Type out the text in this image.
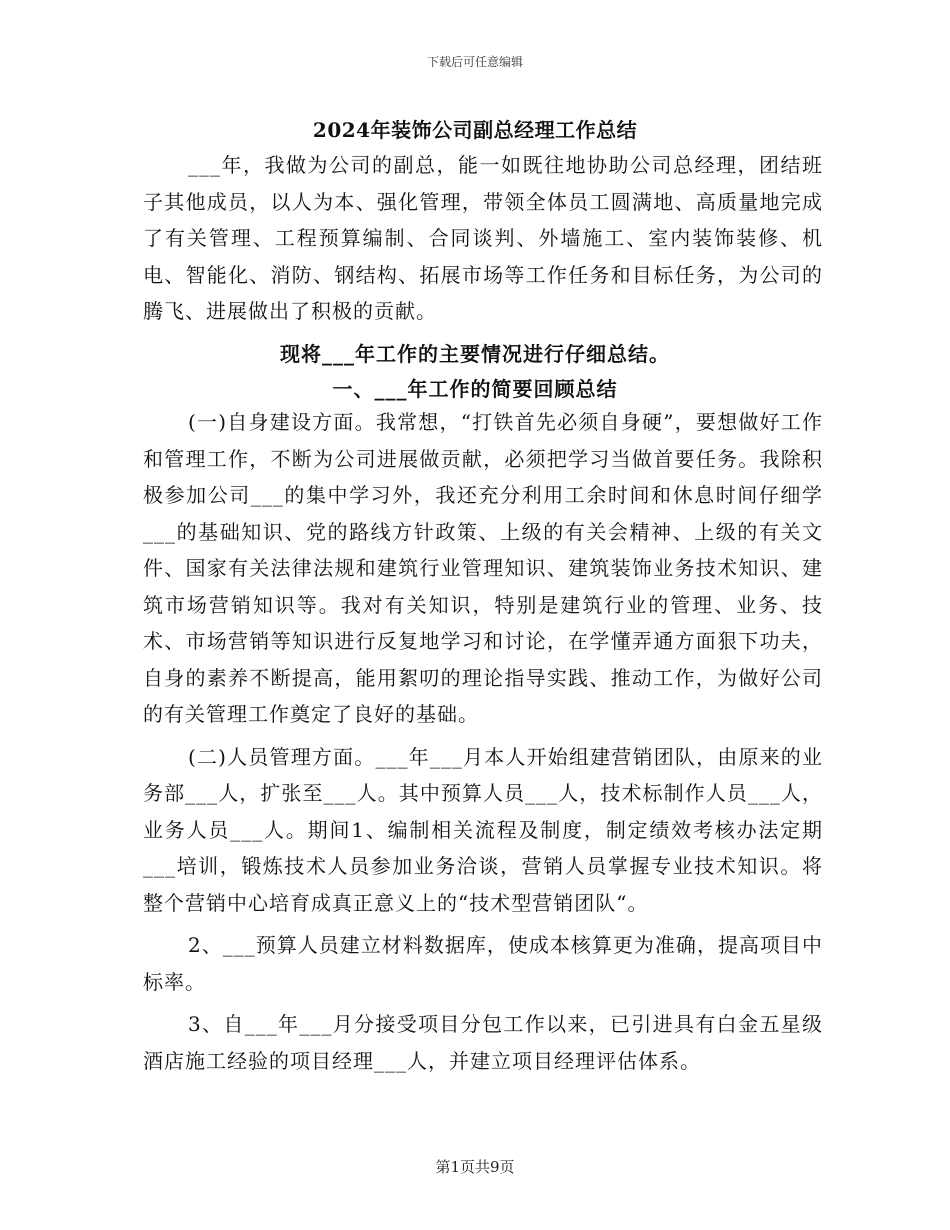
下载后可任意编辑
2024年装饰公司副总经理工作总结

___年，我做为公司的副总，能一如既往地协助公司总经理，团结班子其他成员，以人为本、强化管理，带领全体员工圆满地、高质量地完成了有关管理、工程预算编制、合同谈判、外墙施工、室内装饰装修、机电、智能化、消防、钢结构、拓展市场等工作任务和目标任务，为公司的腾飞、进展做出了积极的贡献。

现将___年工作的主要情况进行仔细总结。
一、___年工作的简要回顾总结

(一)自身建设方面。我常想，“打铁首先必须自身硬”，要想做好工作和管理工作，不断为公司进展做贡献，必须把学习当做首要任务。我除积极参加公司___的集中学习外，我还充分利用工余时间和休息时间仔细学___的基础知识、党的路线方针政策、上级的有关会精神、上级的有关文件、国家有关法律法规和建筑行业管理知识、建筑装饰业务技术知识、建筑市场营销知识等。我对有关知识，特别是建筑行业的管理、业务、技术、市场营销等知识进行反复地学习和讨论，在学懂弄通方面狠下功夫，自身的素养不断提高，能用絮叨的理论指导实践、推动工作，为做好公司的有关管理工作奠定了良好的基础。

(二)人员管理方面。___年___月本人开始组建营销团队，由原来的业务部___人，扩张至___人。其中预算人员___人，技术标制作人员___人，业务人员___人。期间1、编制相关流程及制度，制定绩效考核办法定期___培训，锻炼技术人员参加业务洽谈，营销人员掌握专业技术知识。将整个营销中心培育成真正意义上的“技术型营销团队“。

2、___预算人员建立材料数据库，使成本核算更为准确，提高项目中标率。

3、自___年___月分接受项目分包工作以来，已引进具有白金五星级酒店施工经验的项目经理___人，并建立项目经理评估体系。

第1页共9页
